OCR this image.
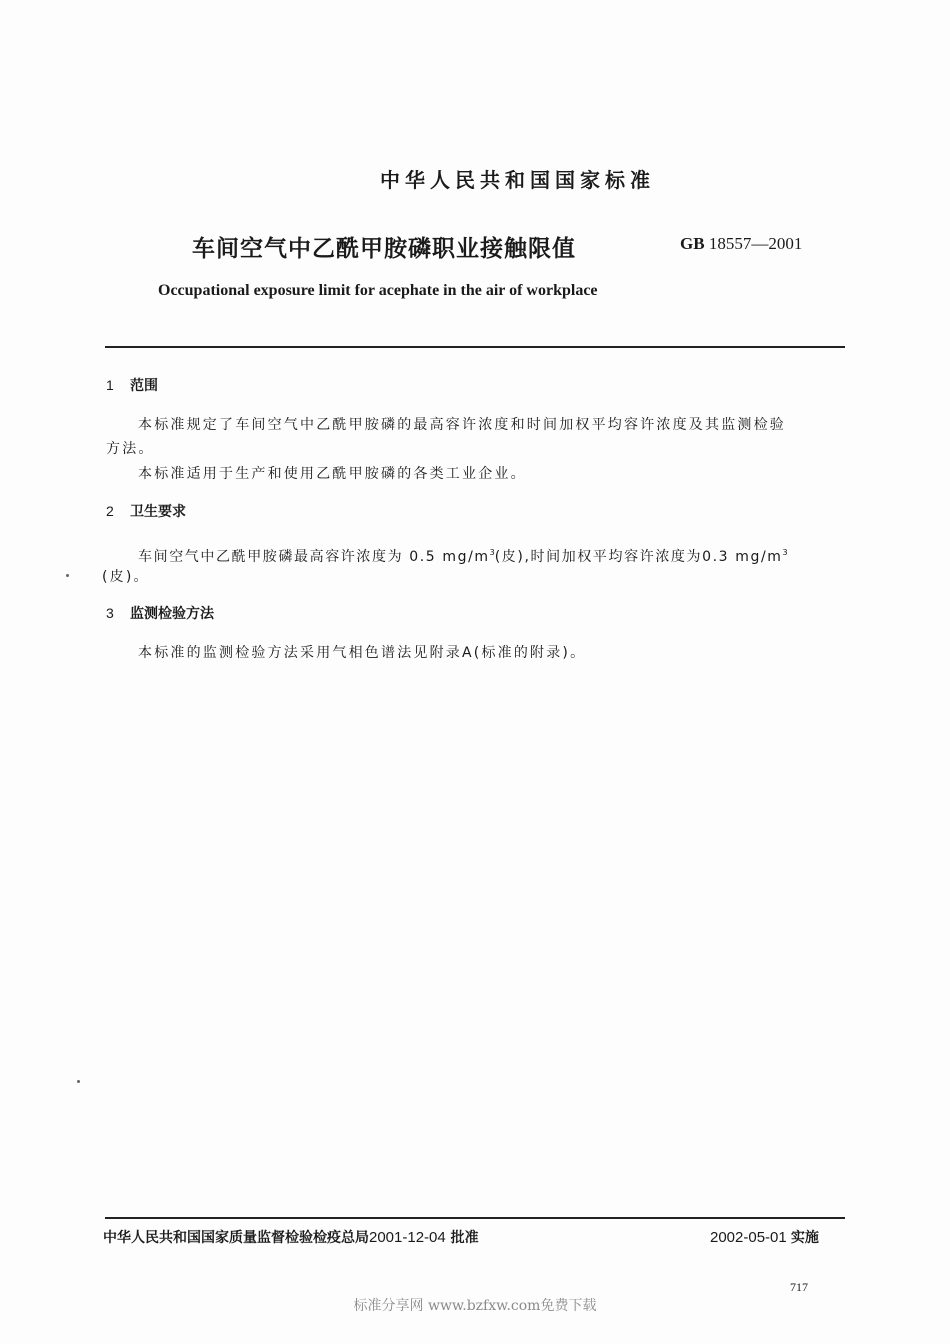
中华人民共和国国家标准
车间空气中乙酰甲胺磷职业接触限值	GB 18557—2001
Occupational exposure limit for acephate in the air of workplace
1 范围
本标准规定了车间空气中乙酰甲胺磷的最高容许浓度和时间加权平均容许浓度及其监测检验
方法。
本标准适用于生产和使用乙酰甲胺磷的各类工业企业。
2 卫生要求
车间空气中乙酰甲胺磷最高容许浓度为 0.5 $mg/m^3$(皮),时间加权平均容许浓度为0.3 $mg/m^3$
(皮)。
3 监测检验方法
本标准的监测检验方法采用气相色谱法见附录A(标准的附录)。
中华人民共和国国家质量监督检验检疫总局2001-12-04 批准	2002-05-01 实施
717
标准分享网 www.bzfxw.com免费下载
